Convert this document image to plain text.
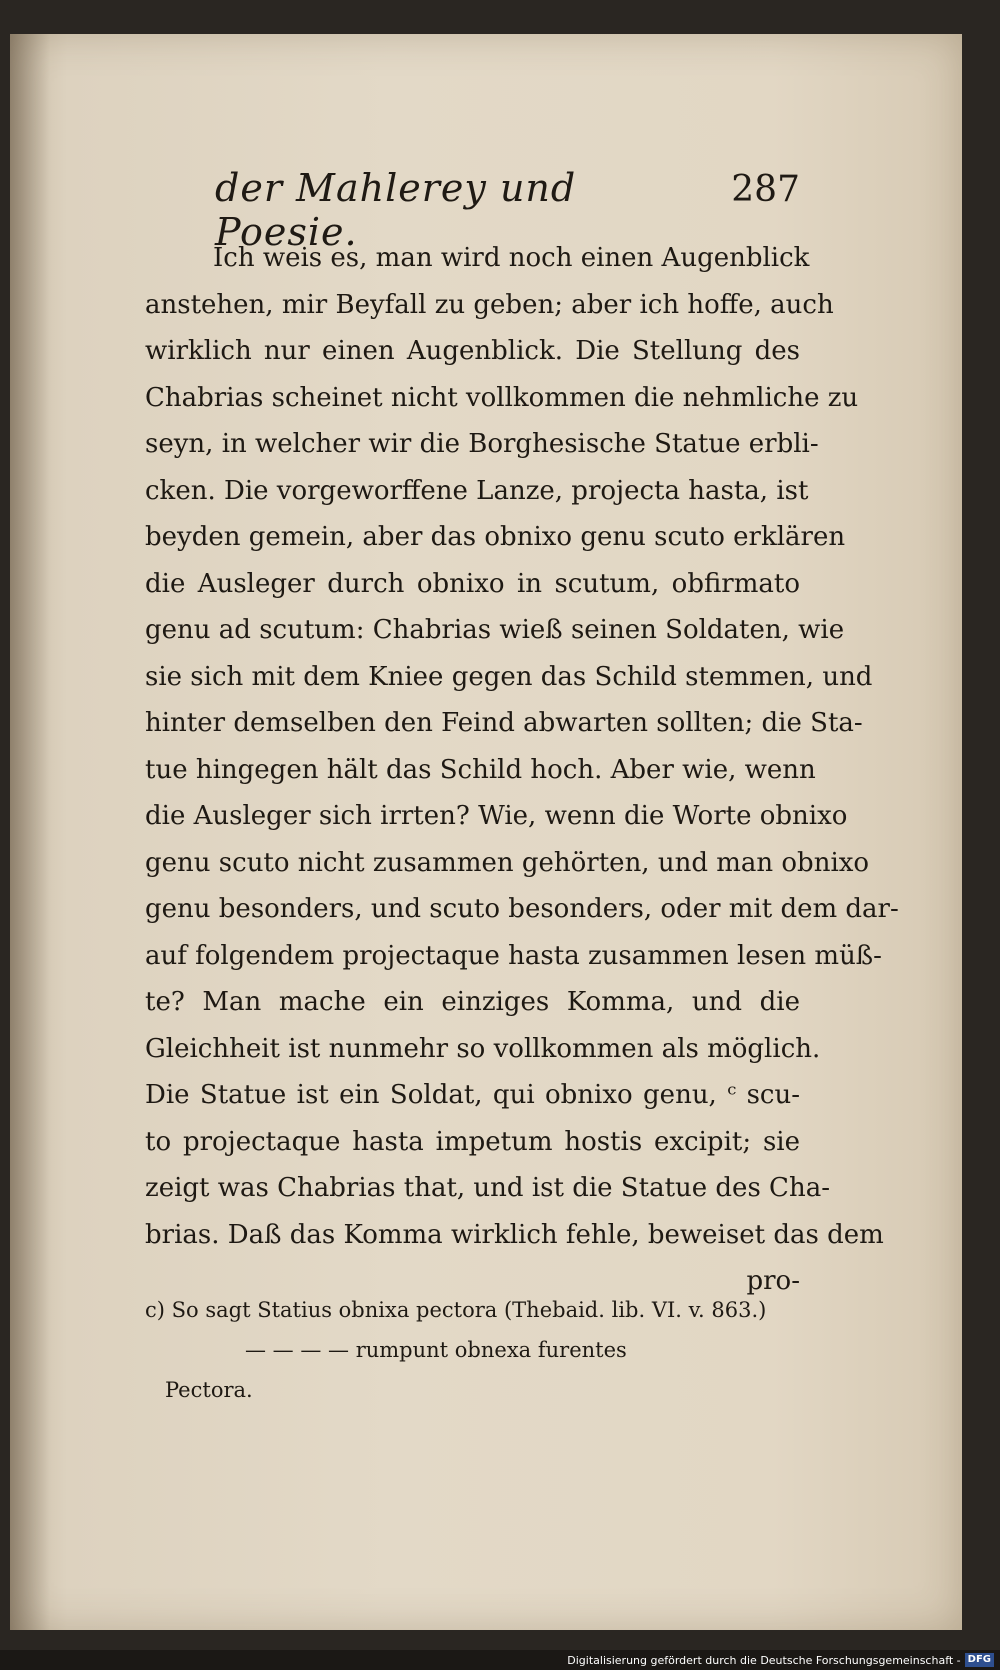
der Mahlerey und Poesie.
287
Ich weis es, man wird noch einen Augenblick
anstehen, mir Beyfall zu geben; aber ich hoffe, auch
wirklich nur einen Augenblick. Die Stellung des
Chabrias scheinet nicht vollkommen die nehmliche zu
seyn, in welcher wir die Borghesische Statue erbli-
cken. Die vorgeworffene Lanze, projecta hasta, ist
beyden gemein, aber das obnixo genu scuto erklären
die Ausleger durch obnixo in scutum, obfirmato
genu ad scutum: Chabrias wieß seinen Soldaten, wie
sie sich mit dem Kniee gegen das Schild stemmen, und
hinter demselben den Feind abwarten sollten; die Sta-
tue hingegen hält das Schild hoch. Aber wie, wenn
die Ausleger sich irrten? Wie, wenn die Worte obnixo
genu scuto nicht zusammen gehörten, und man obnixo
genu besonders, und scuto besonders, oder mit dem dar-
auf folgendem projectaque hasta zusammen lesen müß-
te? Man mache ein einziges Komma, und die
Gleichheit ist nunmehr so vollkommen als möglich.
Die Statue ist ein Soldat, qui obnixo genu, ᶜ scu-
to projectaque hasta impetum hostis excipit; sie
zeigt was Chabrias that, und ist die Statue des Cha-
brias. Daß das Komma wirklich fehle, beweiset das dem
pro-
c) So sagt Statius obnixa pectora (Thebaid. lib. VI. v. 863.)
— — — — rumpunt obnexa furentes
Pectora.
Digitalisierung gefördert durch die Deutsche Forschungsgemeinschaft - DFG
